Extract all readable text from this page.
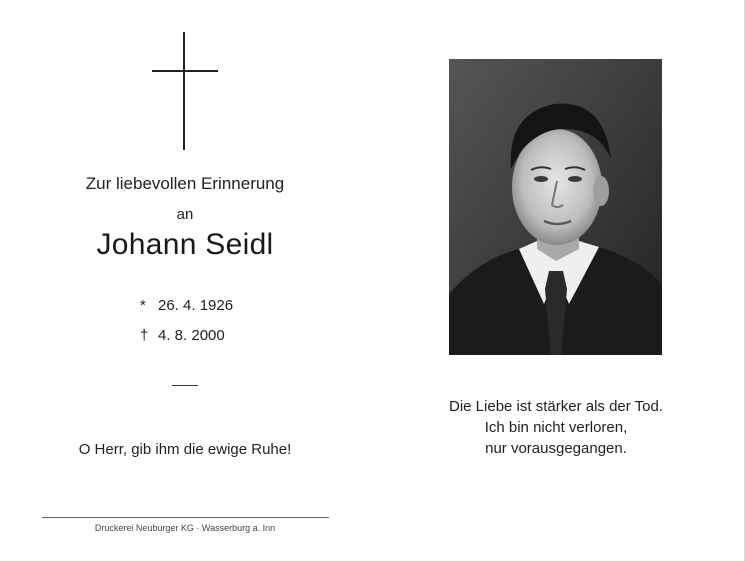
Zur liebevollen Erinnerung
an
Johann Seidl
* 26. 4. 1926
† 4. 8. 2000
O Herr, gib ihm die ewige Ruhe!
Druckerei Neuburger KG · Wasserburg a. Inn
Die Liebe ist stärker als der Tod.
Ich bin nicht verloren,
nur vorausgegangen.
